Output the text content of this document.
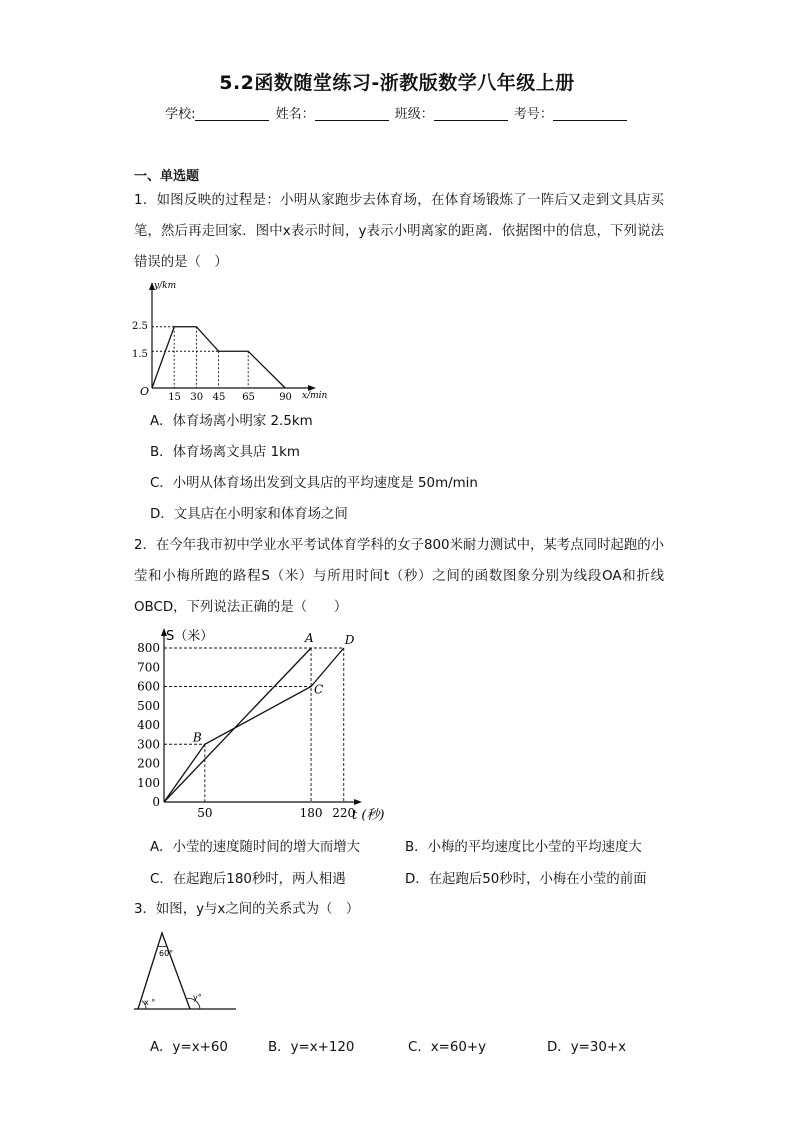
5.2函数随堂练习-浙教版数学八年级上册
学校:	姓名：	班级：	考号：
一、单选题
1．如图反映的过程是：小明从家跑步去体育场，在体育场锻炼了一阵后又走到文具店买笔，然后再走回家．图中x表示时间，y表示小明离家的距离．依据图中的信息，下列说法错误的是（　）
y/km
x/min
O
2.5
1.5
15 30 45 65 90
A．体育场离小明家 2.5km
B．体育场离文具店 1km
C．小明从体育场出发到文具店的平均速度是 50m/min
D．文具店在小明家和体育场之间
2．在今年我市初中学业水平考试体育学科的女子800米耐力测试中，某考点同时起跑的小莹和小梅所跑的路程S（米）与所用时间t（秒）之间的函数图象分别为线段OA和折线OBCD，下列说法正确的是（　　）
800
700
600
500
400
300
200
100
0
50	180 220
S（米）
t (秒)
A
B
C
D
A．小莹的速度随时间的增大而增大	B．小梅的平均速度比小莹的平均速度大
C．在起跑后180秒时，两人相遇	D．在起跑后50秒时，小梅在小莹的前面
3．如图，y与x之间的关系式为（　）
60°
x °
y°
A．y=x+60	B．y=x+120	C．x=60+y	D．y=30+x
